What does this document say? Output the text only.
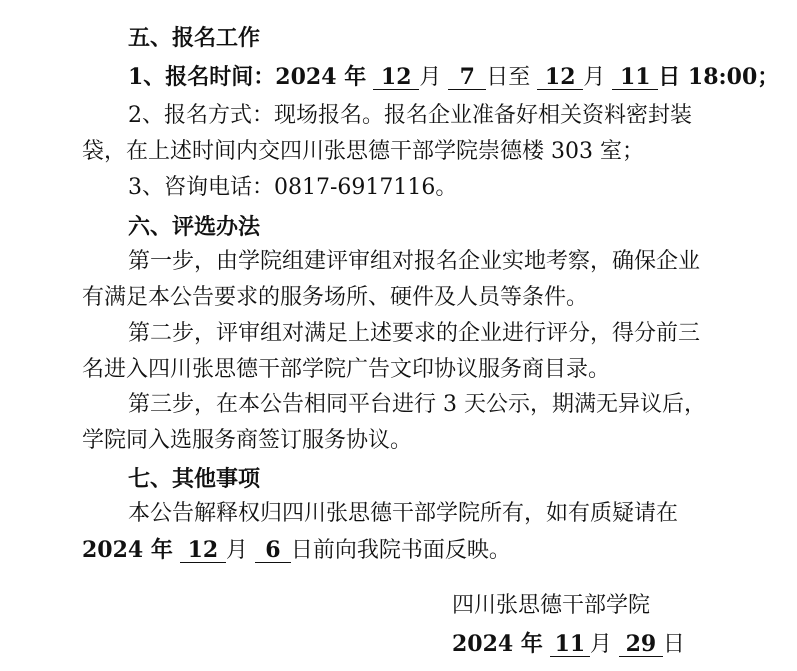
五、报名工作
1、报名时间：2024 年 12 月 7 日至 12 月 11 日 18:00；
2、报名方式：现场报名。报名企业准备好相关资料密封装
袋，在上述时间内交四川张思德干部学院崇德楼 303 室；
3、咨询电话：0817-6917116。
六、评选办法
第一步，由学院组建评审组对报名企业实地考察，确保企业
有满足本公告要求的服务场所、硬件及人员等条件。
第二步，评审组对满足上述要求的企业进行评分，得分前三
名进入四川张思德干部学院广告文印协议服务商目录。
第三步，在本公告相同平台进行 3 天公示，期满无异议后，
学院同入选服务商签订服务协议。
七、其他事项
本公告解释权归四川张思德干部学院所有，如有质疑请在
2024 年 12 月 6 日前向我院书面反映。
四川张思德干部学院
2024 年 11 月 29 日
